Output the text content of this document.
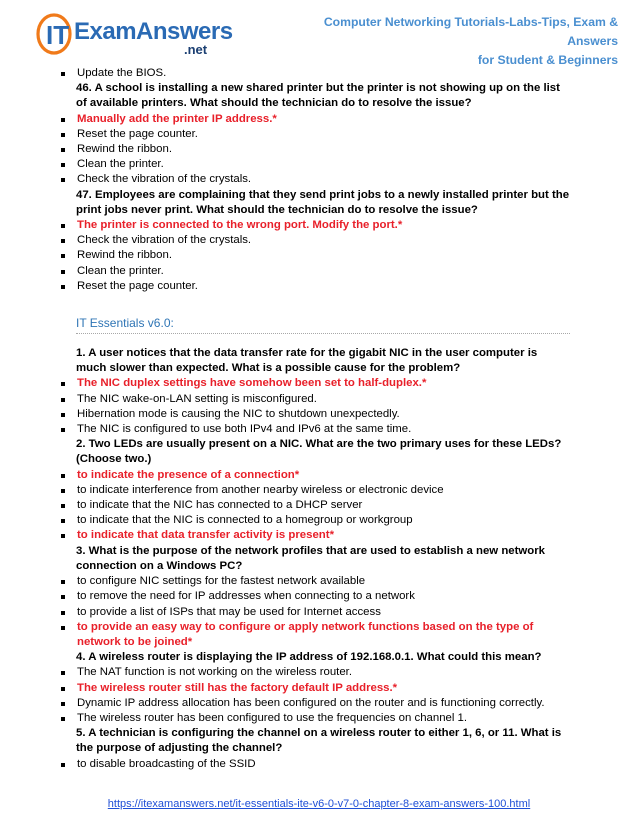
IT ExamAnswers
.net
Computer Networking Tutorials-Labs-Tips, Exam & Answers
for Student & Beginners
Update the BIOS.
46. A school is installing a new shared printer but the printer is not showing up on the list of available printers. What should the technician do to resolve the issue?
Manually add the printer IP address.*
Reset the page counter.
Rewind the ribbon.
Clean the printer.
Check the vibration of the crystals.
47. Employees are complaining that they send print jobs to a newly installed printer but the print jobs never print. What should the technician do to resolve the issue?
The printer is connected to the wrong port. Modify the port.*
Check the vibration of the crystals.
Rewind the ribbon.
Clean the printer.
Reset the page counter.
IT Essentials v6.0:
1. A user notices that the data transfer rate for the gigabit NIC in the user computer is much slower than expected. What is a possible cause for the problem?
The NIC duplex settings have somehow been set to half-duplex.*
The NIC wake-on-LAN setting is misconfigured.
Hibernation mode is causing the NIC to shutdown unexpectedly.
The NIC is configured to use both IPv4 and IPv6 at the same time.
2. Two LEDs are usually present on a NIC. What are the two primary uses for these LEDs? (Choose two.)
to indicate the presence of a connection*
to indicate interference from another nearby wireless or electronic device
to indicate that the NIC has connected to a DHCP server
to indicate that the NIC is connected to a homegroup or workgroup
to indicate that data transfer activity is present*
3. What is the purpose of the network profiles that are used to establish a new network connection on a Windows PC?
to configure NIC settings for the fastest network available
to remove the need for IP addresses when connecting to a network
to provide a list of ISPs that may be used for Internet access
to provide an easy way to configure or apply network functions based on the type of network to be joined*
4. A wireless router is displaying the IP address of 192.168.0.1. What could this mean?
The NAT function is not working on the wireless router.
The wireless router still has the factory default IP address.*
Dynamic IP address allocation has been configured on the router and is functioning correctly.
The wireless router has been configured to use the frequencies on channel 1.
5. A technician is configuring the channel on a wireless router to either 1, 6, or 11. What is the purpose of adjusting the channel?
to disable broadcasting of the SSID
https://itexamanswers.net/it-essentials-ite-v6-0-v7-0-chapter-8-exam-answers-100.html
